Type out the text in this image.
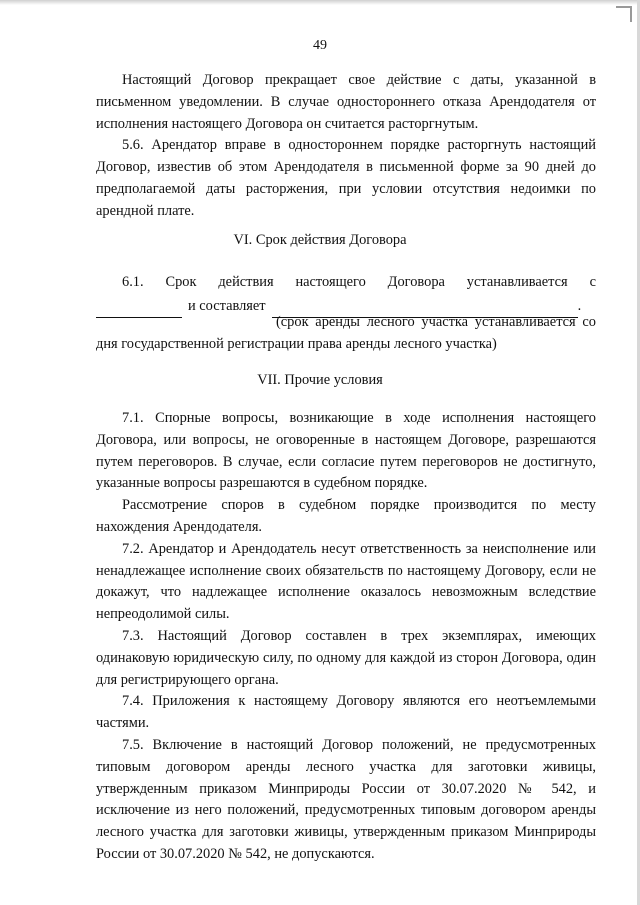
49

Настоящий Договор прекращает свое действие с даты, указанной в письменном уведомлении. В случае одностороннего отказа Арендодателя от исполнения настоящего Договора он считается расторгнутым.

5.6. Арендатор вправе в одностороннем порядке расторгнуть настоящий Договор, известив об этом Арендодателя в письменной форме за 90 дней до предполагаемой даты расторжения, при условии отсутствия недоимки по арендной плате.

VI. Срок действия Договора
6.1. Срок действия настоящего Договора устанавливается с
и составляет	.
(срок аренды лесного участка устанавливается со дня государственной регистрации права аренды лесного участка)
VII. Прочие условия

7.1. Спорные вопросы, возникающие в ходе исполнения настоящего Договора, или вопросы, не оговоренные в настоящем Договоре, разрешаются путем переговоров. В случае, если согласие путем переговоров не достигнуто, указанные вопросы разрешаются в судебном порядке.

Рассмотрение споров в судебном порядке производится по месту нахождения Арендодателя.

7.2. Арендатор и Арендодатель несут ответственность за неисполнение или ненадлежащее исполнение своих обязательств по настоящему Договору, если не докажут, что надлежащее исполнение оказалось невозможным вследствие непреодолимой силы.

7.3. Настоящий Договор составлен в трех экземплярах, имеющих одинаковую юридическую силу, по одному для каждой из сторон Договора, один для регистрирующего органа.

7.4. Приложения к настоящему Договору являются его неотъемлемыми частями.

7.5. Включение в настоящий Договор положений, не предусмотренных типовым договором аренды лесного участка для заготовки живицы, утвержденным приказом Минприроды России от 30.07.2020 № 542, и исключение из него положений, предусмотренных типовым договором аренды лесного участка для заготовки живицы, утвержденным приказом Минприроды России от 30.07.2020 № 542, не допускаются.
